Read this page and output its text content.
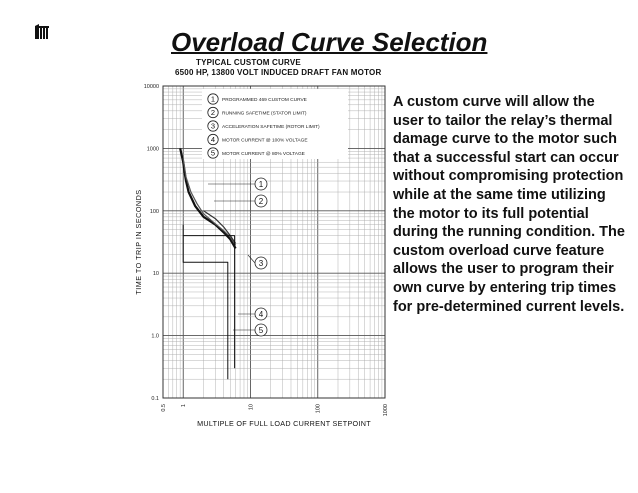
Overload Curve Selection
TYPICAL CUSTOM CURVE
6500 HP, 13800 VOLT INDUCED DRAFT FAN MOTOR
10000
1000
100
10
1.0
0.1
0.5	1	10	100	1000
MULTIPLE OF FULL LOAD CURRENT SETPOINT
TIME TO TRIP IN SECONDS
1 PROGRAMMED 469 CUSTOM CURVE
2 RUNNING SAFETIME (STATOR LIMIT)
3 ACCELERATION SAFETIME (ROTOR LIMIT)
4 MOTOR CURRENT @ 100% VOLTAGE
5 MOTOR CURRENT @ 80% VOLTAGE
1
2
3
4
5
A custom curve will allow the user to tailor the relay’s thermal damage curve to the motor such that a successful start can occur without compromising protection while at the same time utilizing the motor to its full potential during the running condition. The custom overload curve feature allows the user to program their own curve by entering trip times for pre-determined current levels.
